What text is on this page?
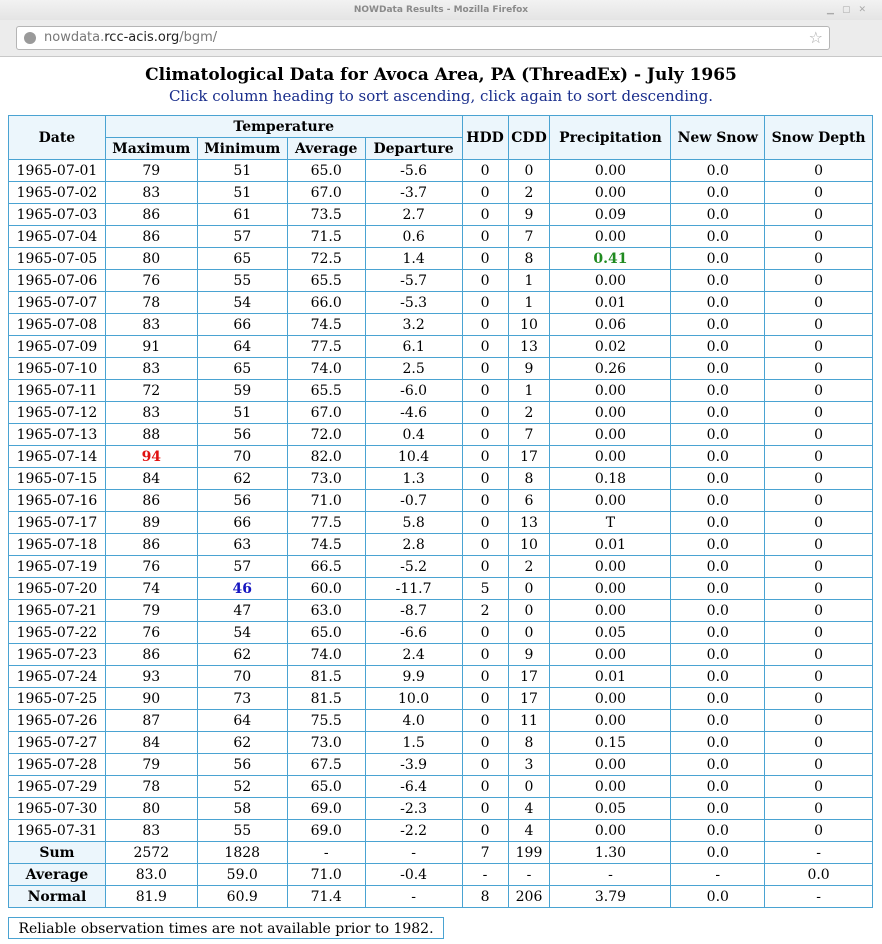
NOWData Results - Mozilla Firefox	▁▢✕
nowdata.rcc-acis.org/bgm/	☆
Climatological Data for Avoca Area, PA (ThreadEx) - July 1965
Click column heading to sort ascending, click again to sort descending.
Date	Temperature				HDD	CDD	Precipitation	New Snow	Snow Depth
	Maximum	Minimum	Average	Departure					
1965-07-01	79	51	65.0	-5.6	0	0	0.00	0.0	0
1965-07-02	83	51	67.0	-3.7	0	2	0.00	0.0	0
1965-07-03	86	61	73.5	2.7	0	9	0.09	0.0	0
1965-07-04	86	57	71.5	0.6	0	7	0.00	0.0	0
1965-07-05	80	65	72.5	1.4	0	8	0.41	0.0	0
1965-07-06	76	55	65.5	-5.7	0	1	0.00	0.0	0
1965-07-07	78	54	66.0	-5.3	0	1	0.01	0.0	0
1965-07-08	83	66	74.5	3.2	0	10	0.06	0.0	0
1965-07-09	91	64	77.5	6.1	0	13	0.02	0.0	0
1965-07-10	83	65	74.0	2.5	0	9	0.26	0.0	0
1965-07-11	72	59	65.5	-6.0	0	1	0.00	0.0	0
1965-07-12	83	51	67.0	-4.6	0	2	0.00	0.0	0
1965-07-13	88	56	72.0	0.4	0	7	0.00	0.0	0
1965-07-14	94	70	82.0	10.4	0	17	0.00	0.0	0
1965-07-15	84	62	73.0	1.3	0	8	0.18	0.0	0
1965-07-16	86	56	71.0	-0.7	0	6	0.00	0.0	0
1965-07-17	89	66	77.5	5.8	0	13	T	0.0	0
1965-07-18	86	63	74.5	2.8	0	10	0.01	0.0	0
1965-07-19	76	57	66.5	-5.2	0	2	0.00	0.0	0
1965-07-20	74	46	60.0	-11.7	5	0	0.00	0.0	0
1965-07-21	79	47	63.0	-8.7	2	0	0.00	0.0	0
1965-07-22	76	54	65.0	-6.6	0	0	0.05	0.0	0
1965-07-23	86	62	74.0	2.4	0	9	0.00	0.0	0
1965-07-24	93	70	81.5	9.9	0	17	0.01	0.0	0
1965-07-25	90	73	81.5	10.0	0	17	0.00	0.0	0
1965-07-26	87	64	75.5	4.0	0	11	0.00	0.0	0
1965-07-27	84	62	73.0	1.5	0	8	0.15	0.0	0
1965-07-28	79	56	67.5	-3.9	0	3	0.00	0.0	0
1965-07-29	78	52	65.0	-6.4	0	0	0.00	0.0	0
1965-07-30	80	58	69.0	-2.3	0	4	0.05	0.0	0
1965-07-31	83	55	69.0	-2.2	0	4	0.00	0.0	0
Sum	2572	1828	-	-	7	199	1.30	0.0	-
Average	83.0	59.0	71.0	-0.4	-	-	-	-	0.0
Normal	81.9	60.9	71.4	-	8	206	3.79	0.0	-
Reliable observation times are not available prior to 1982.
